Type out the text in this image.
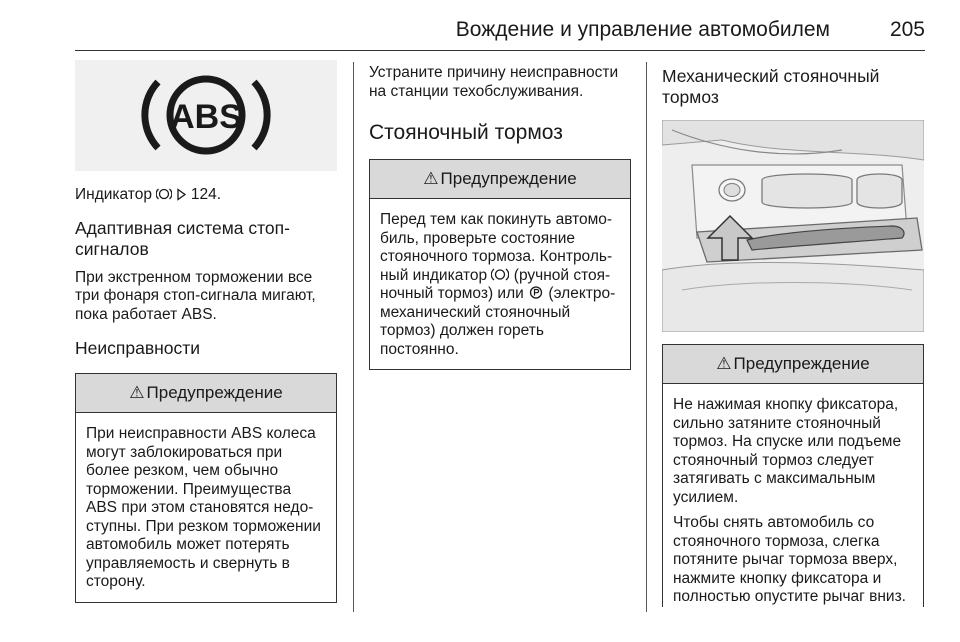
Вождение и управление автомобилем	205
ABS

Индикатор	124.

Адаптивная система стоп-сигналов

При экстренном торможении все три фонаря стоп-сигнала мигают, пока работает ABS.

Неисправности
⚠ Предупреждение

При неисправности ABS колеса могут заблокироваться при более резком, чем обычно торможении. Преимущества ABS при этом становятся недо-ступны. При резком торможении автомобиль может потерять управляемость и свернуть в сторону.

Устраните причину неисправности на станции техобслуживания.

Стояночный тормоз
⚠ Предупреждение

Перед тем как покинуть автомо-биль, проверьте состояние стояночного тормоза. Контроль-ный индикатор (ручной стоя-ночный тормоз) или (электро-механический стояночный тормоз) должен гореть постоянно.

Механический стояночный тормоз
⚠ Предупреждение

Не нажимая кнопку фиксатора, сильно затяните стояночный тормоз. На спуске или подъеме стояночный тормоз следует затягивать с максимальным усилием.

Чтобы снять автомобиль со стояночного тормоза, слегка потяните рычаг тормоза вверх, нажмите кнопку фиксатора и полностью опустите рычаг вниз.
